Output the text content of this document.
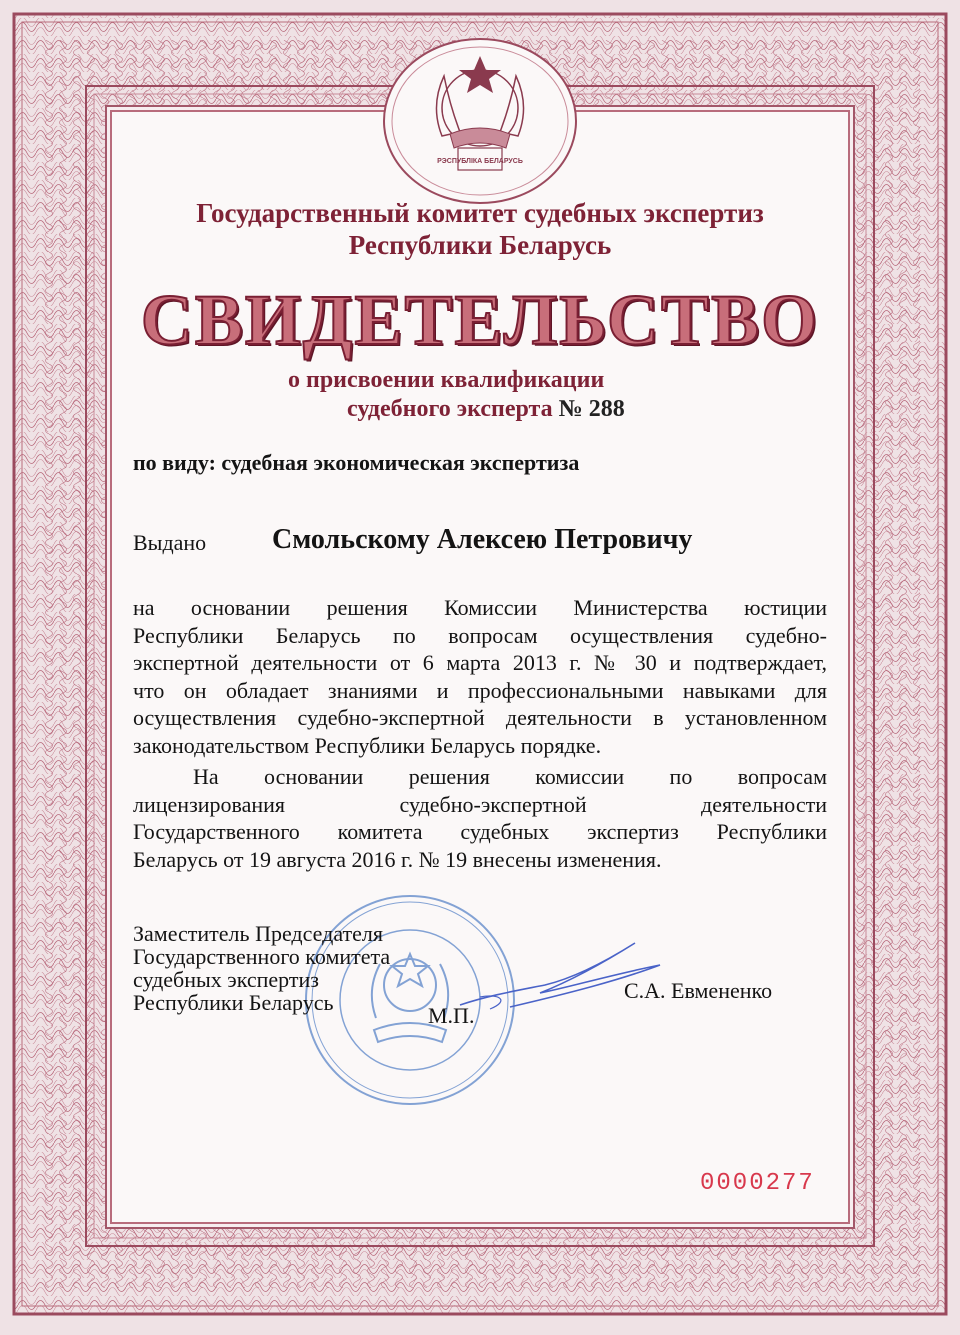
РЭСПУБЛІКА БЕЛАРУСЬ
Государственный комитет судебных экспертиз
Республики Беларусь
СВИДЕТЕЛЬСТВО
о присвоении квалификации
судебного эксперта № 288
по виду: судебная экономическая экспертиза
Выдано Смольскому Алексею Петровичу
на основании решения Комиссии Министерства юстиции
Республики Беларусь по вопросам осуществления судебно-
экспертной деятельности от 6 марта 2013 г. № 30 и подтверждает,
что он обладает знаниями и профессиональными навыками для
осуществления судебно-экспертной деятельности в установленном
законодательством Республики Беларусь порядке.
На основании решения комиссии по вопросам
лицензирования судебно-экспертной деятельности
Государственного комитета судебных экспертиз Республики
Беларусь от 19 августа 2016 г. № 19 внесены изменения.
Заместитель Председателя
Государственного комитета
судебных экспертиз
Республики Беларусь
М.П.
С.А. Евмененко
0000277
